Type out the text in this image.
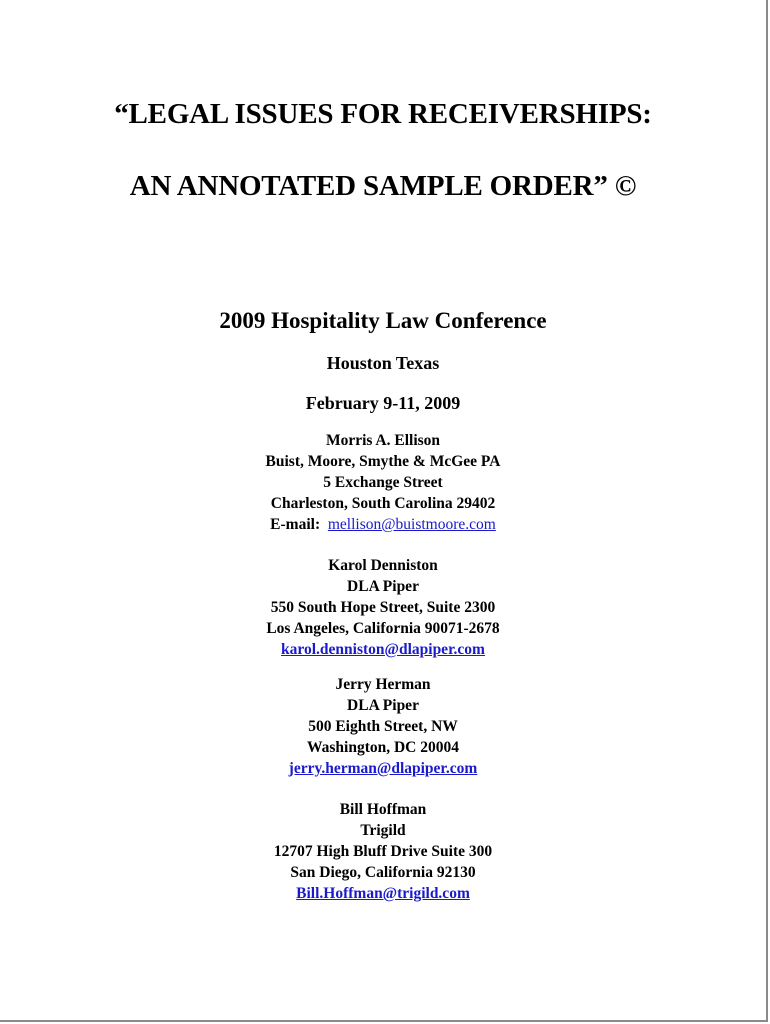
“LEGAL ISSUES FOR RECEIVERSHIPS:
AN ANNOTATED SAMPLE ORDER” ©
2009 Hospitality Law Conference
Houston Texas
February 9-11, 2009
Morris A. Ellison
Buist, Moore, Smythe & McGee PA
5 Exchange Street
Charleston, South Carolina 29402
E-mail: mellison@buistmoore.com
Karol Denniston
DLA Piper
550 South Hope Street, Suite 2300
Los Angeles, California 90071-2678
karol.denniston@dlapiper.com
Jerry Herman
DLA Piper
500 Eighth Street, NW
Washington, DC 20004
jerry.herman@dlapiper.com
Bill Hoffman
Trigild
12707 High Bluff Drive Suite 300
San Diego, California 92130
Bill.Hoffman@trigild.com
